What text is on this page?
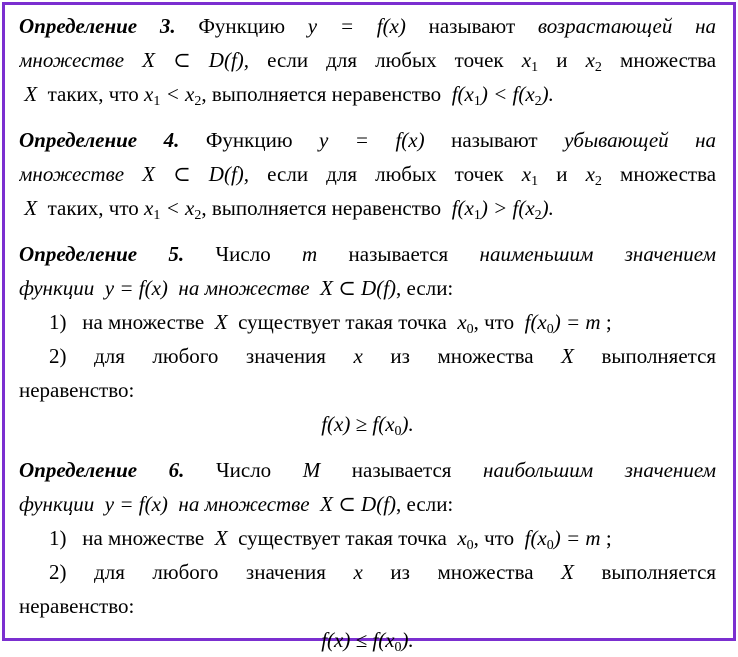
Определение 3. Функцию y = f(x) называют возрастающей на
множестве X ⊂ D(f), если для любых точек $x_1$ и $x_2$ множества
X таких, что $x_1 < x_2$, выполняется неравенство $f(x_1) < f(x_2)$.
Определение 4. Функцию y = f(x) называют убывающей на
множестве X ⊂ D(f), если для любых точек $x_1$ и $x_2$ множества
X таких, что $x_1 < x_2$, выполняется неравенство $f(x_1) > f(x_2)$.
Определение 5. Число m называется наименьшим значением
функции y = f(x) на множестве X ⊂ D(f), если:
1) на множестве X существует такая точка $x_0$, что $f(x_0) = m$ ;
2) для любого значения x из множества X выполняется
неравенство:
$f(x) \ge f(x_0)$.
Определение 6. Число M называется наибольшим значением
функции y = f(x) на множестве X ⊂ D(f), если:
1) на множестве X существует такая точка $x_0$, что $f(x_0) = m$ ;
2) для любого значения x из множества X выполняется
неравенство:
$f(x) \le f(x_0)$.
